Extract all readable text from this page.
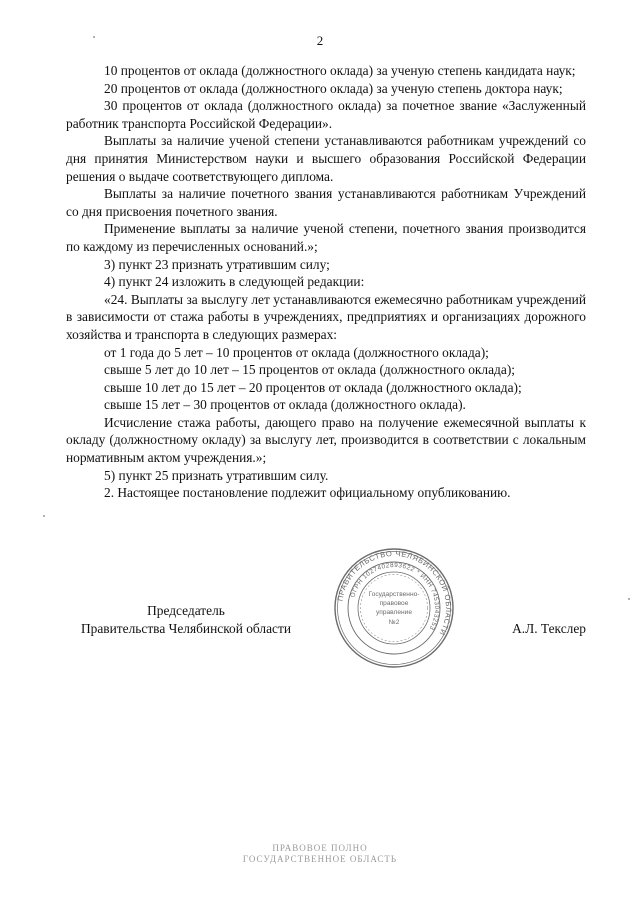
2

10 процентов от оклада (должностного оклада) за ученую степень кандидата наук;

20 процентов от оклада (должностного оклада) за ученую степень доктора наук;

30 процентов от оклада (должностного оклада) за почетное звание «Заслуженный работник транспорта Российской Федерации».

Выплаты за наличие ученой степени устанавливаются работникам учреждений со дня принятия Министерством науки и высшего образования Российской Федерации решения о выдаче соответствующего диплома.

Выплаты за наличие почетного звания устанавливаются работникам Учреждений со дня присвоения почетного звания.

Применение выплаты за наличие ученой степени, почетного звания производится по каждому из перечисленных оснований.»;

3) пункт 23 признать утратившим силу;

4) пункт 24 изложить в следующей редакции:

«24. Выплаты за выслугу лет устанавливаются ежемесячно работникам учреждений в зависимости от стажа работы в учреждениях, предприятиях и организациях дорожного хозяйства и транспорта в следующих размерах:

от 1 года до 5 лет – 10 процентов от оклада (должностного оклада);

свыше 5 лет до 10 лет – 15 процентов от оклада (должностного оклада);

свыше 10 лет до 15 лет – 20 процентов от оклада (должностного оклада);

свыше 15 лет – 30 процентов от оклада (должностного оклада).

Исчисление стажа работы, дающего право на получение ежемесячной выплаты к окладу (должностному окладу) за выслугу лет, производится в соответствии с локальным нормативным актом учреждения.»;

5) пункт 25 признать утратившим силу.

2. Настоящее постановление подлежит официальному опубликованию.

Председатель
Правительства Челябинской области	А.Л. Текслер
ПРАВИТЕЛЬСТВО ЧЕЛЯБИНСКОЙ ОБЛАСТИ
ОГРН 1027402893622 * ИНН 7453043253
Государственно-
правовое
управление
№2
ПРАВОВОЕ ПОЛНО
ГОСУДАРСТВЕННОЕ ОБЛАСТЬ
